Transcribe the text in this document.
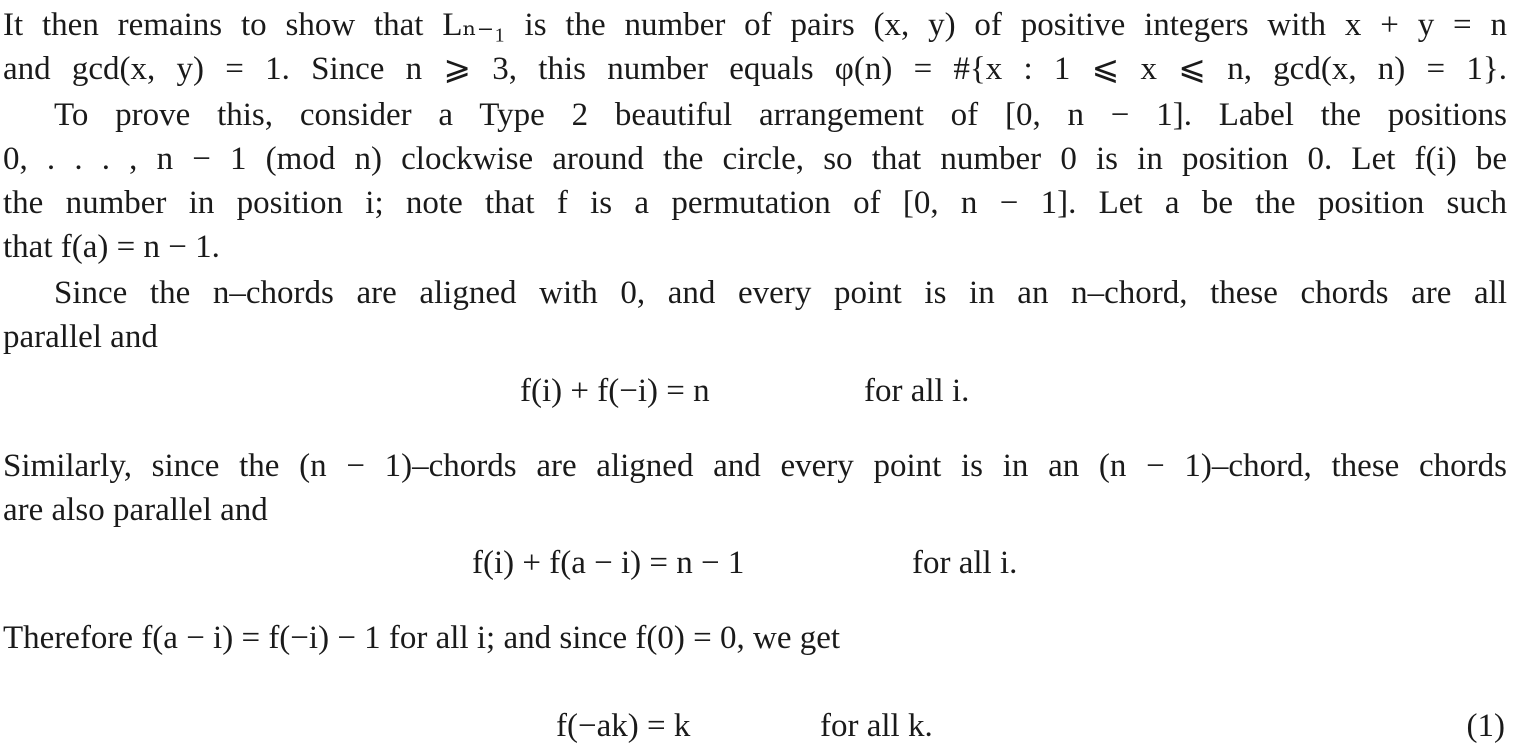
It then remains to show that Lₙ₋₁ is the number of pairs (x, y) of positive integers with x + y = n
and gcd(x, y) = 1. Since n ⩾ 3, this number equals φ(n) = #{x : 1 ⩽ x ⩽ n, gcd(x, n) = 1}.
To prove this, consider a Type 2 beautiful arrangement of [0, n − 1]. Label the positions
0, . . . , n − 1 (mod n) clockwise around the circle, so that number 0 is in position 0. Let f(i) be
the number in position i; note that f is a permutation of [0, n − 1]. Let a be the position such
that f(a) = n − 1.
Since the n–chords are aligned with 0, and every point is in an n–chord, these chords are all
parallel and
f(i) + f(−i) = n	for all i.
Similarly, since the (n − 1)–chords are aligned and every point is in an (n − 1)–chord, these chords
are also parallel and
f(i) + f(a − i) = n − 1	for all i.
Therefore f(a − i) = f(−i) − 1 for all i; and since f(0) = 0, we get
f(−ak) = k	for all k.	(1)
